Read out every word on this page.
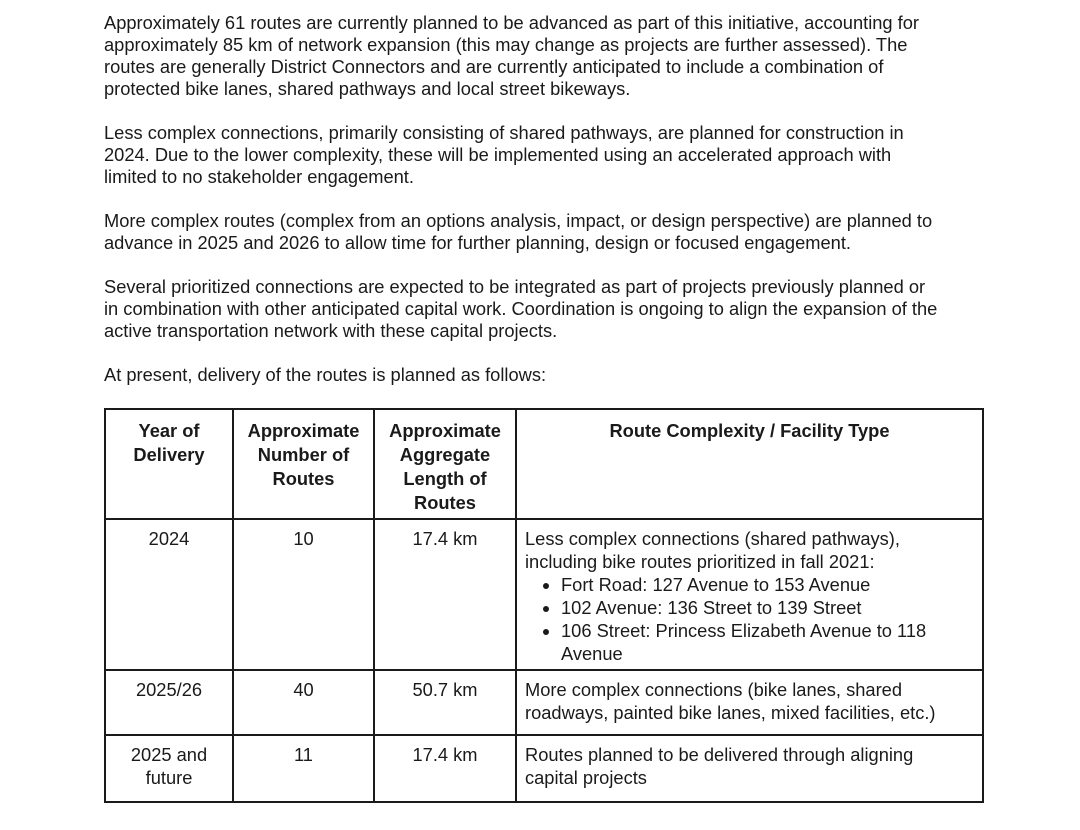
Approximately 61 routes are currently planned to be advanced as part of this initiative, accounting for approximately 85 km of network expansion (this may change as projects are further assessed). The routes are generally District Connectors and are currently anticipated to include a combination of protected bike lanes, shared pathways and local street bikeways.

Less complex connections, primarily consisting of shared pathways, are planned for construction in 2024. Due to the lower complexity, these will be implemented using an accelerated approach with limited to no stakeholder engagement.

More complex routes (complex from an options analysis, impact, or design perspective) are planned to advance in 2025 and 2026 to allow time for further planning, design or focused engagement.

Several prioritized connections are expected to be integrated as part of projects previously planned or in combination with other anticipated capital work. Coordination is ongoing to align the expansion of the active transportation network with these capital projects.

At present, delivery of the routes is planned as follows:

Year of Delivery	Approximate Number of Routes	Approximate Aggregate Length of Routes	Route Complexity / Facility Type
2024	10	17.4 km	Less complex connections (shared pathways), including bike routes prioritized in fall 2021:

• Fort Road: 127 Avenue to 153 Avenue
• 102 Avenue: 136 Street to 139 Street
• 106 Street: Princess Elizabeth Avenue to 118 Avenue

2025/26	40	50.7 km	More complex connections (bike lanes, shared roadways, painted bike lanes, mixed facilities, etc.)

2025 and future	11	17.4 km	Routes planned to be delivered through aligning capital projects
